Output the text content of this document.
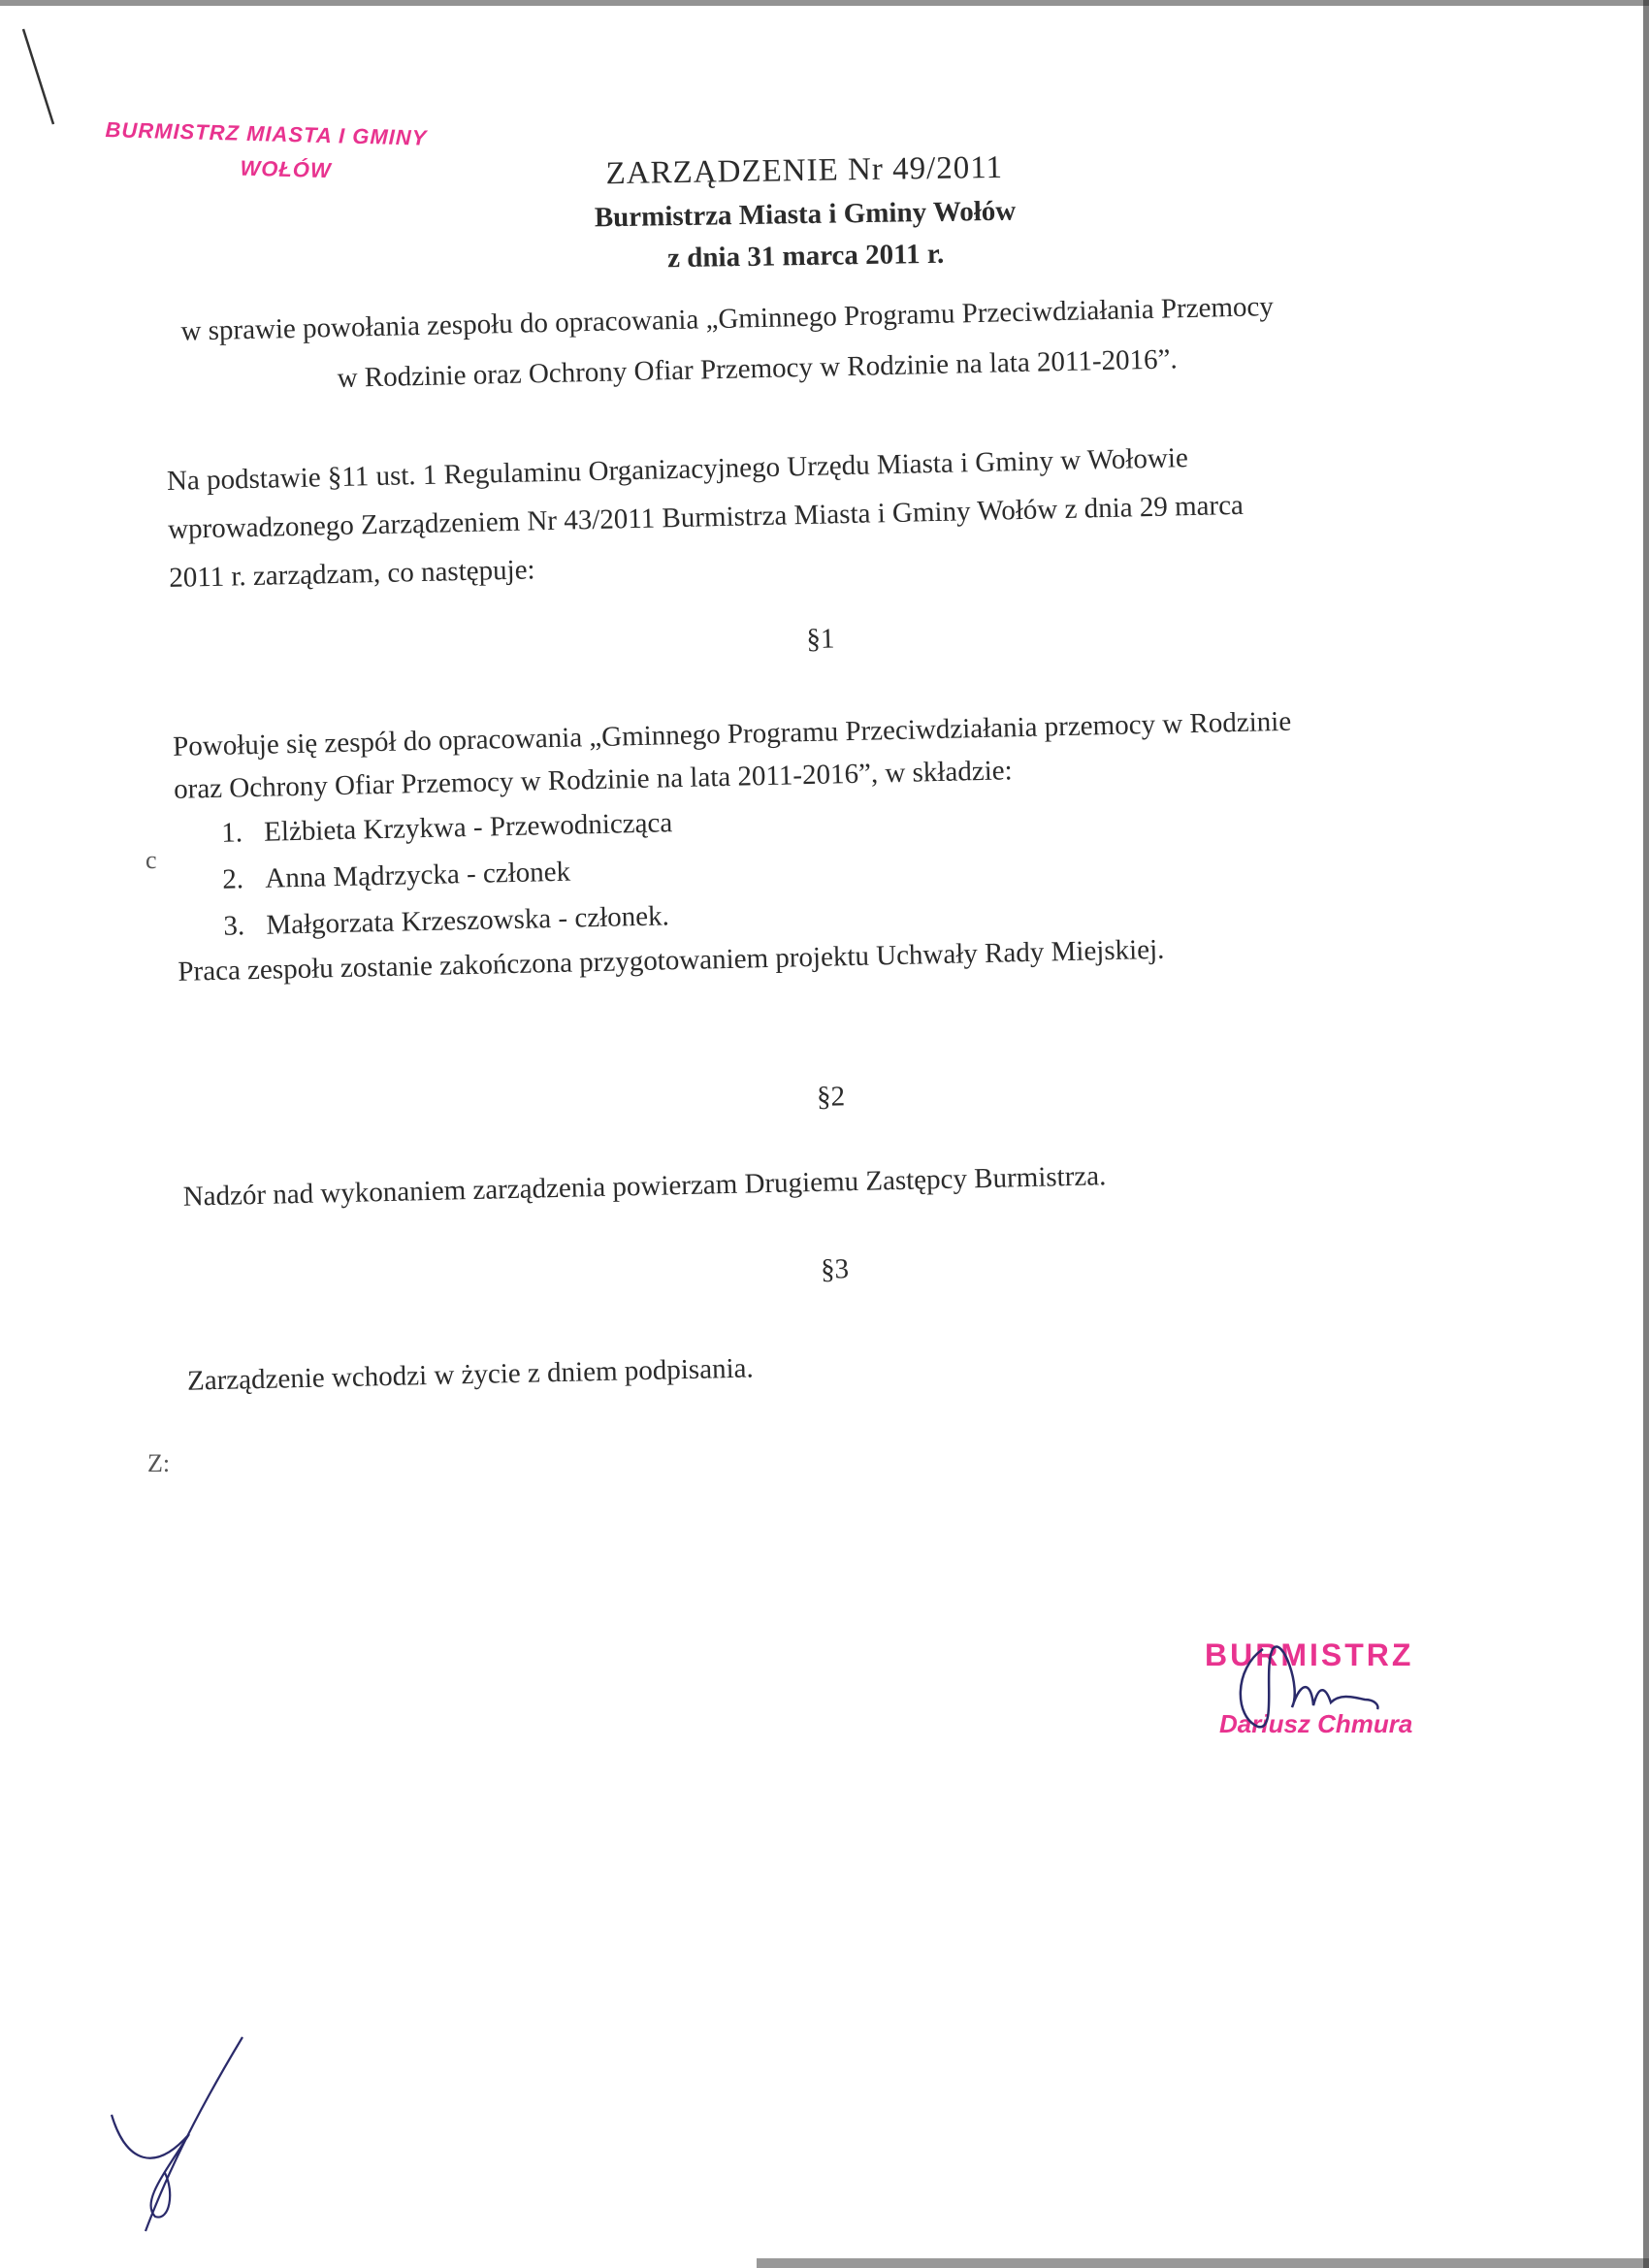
BURMISTRZ MIASTA I GMINY
WOŁÓW	ZARZĄDZENIE Nr 49/2011

Burmistrza Miasta i Gminy Wołów

z dnia 31 marca 2011 r.

w sprawie powołania zespołu do opracowania „Gminnego Programu Przeciwdziałania Przemocy

w Rodzinie oraz Ochrony Ofiar Przemocy w Rodzinie na lata 2011-2016”.

Na podstawie §11 ust. 1 Regulaminu Organizacyjnego Urzędu Miasta i Gminy w Wołowie

wprowadzonego Zarządzeniem Nr 43/2011 Burmistrza Miasta i Gminy Wołów z dnia 29 marca

2011 r. zarządzam, co następuje:

§1

Powołuje się zespół do opracowania „Gminnego Programu Przeciwdziałania przemocy w Rodzinie

oraz Ochrony Ofiar Przemocy w Rodzinie na lata 2011-2016”, w składzie:

1. Elżbieta Krzykwa - Przewodnicząca
2. Anna Mądrzycka - członek
3. Małgorzata Krzeszowska - członek.

Praca zespołu zostanie zakończona przygotowaniem projektu Uchwały Rady Miejskiej.

§2

Nadzór nad wykonaniem zarządzenia powierzam Drugiemu Zastępcy Burmistrza.

§3

Zarządzenie wchodzi w życie z dniem podpisania.

c
Z:
BURMISTRZ
Dariusz Chmura
